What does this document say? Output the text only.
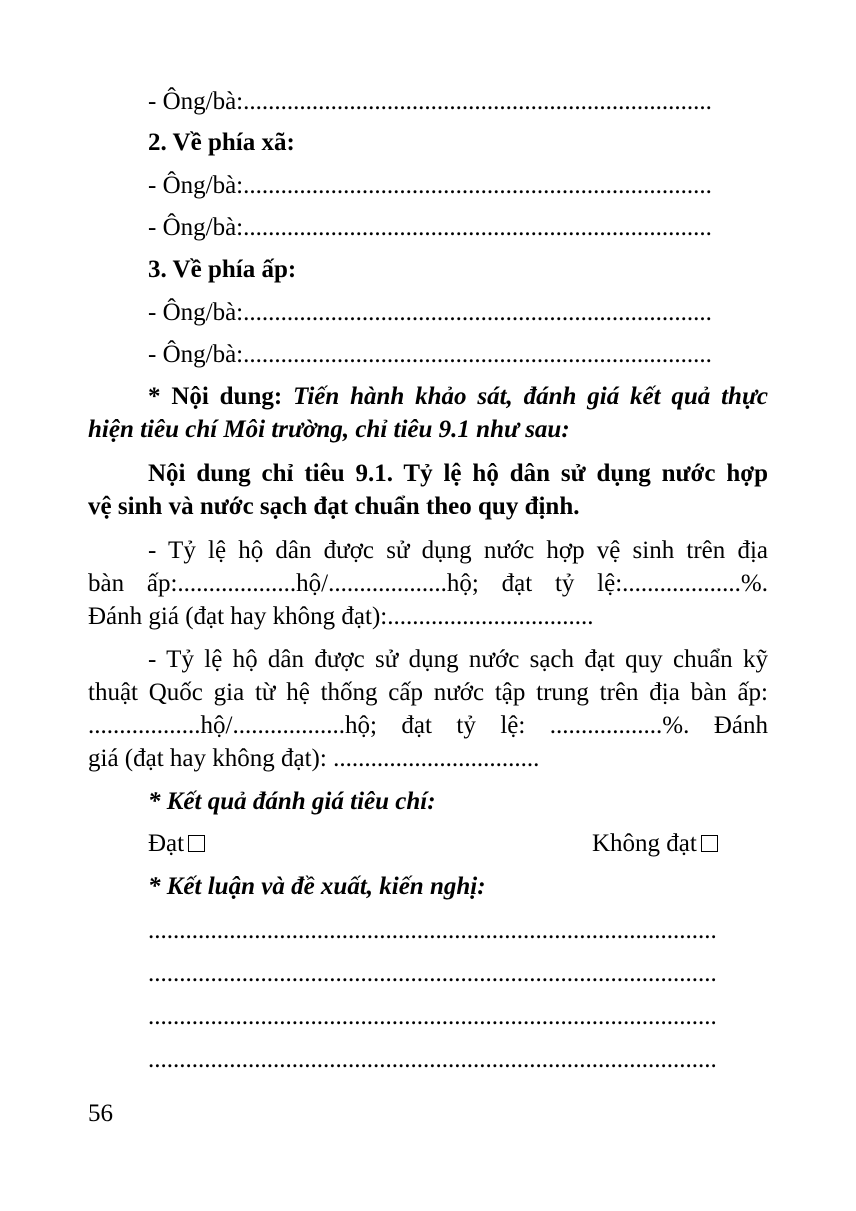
- Ông/bà:...........................................................................
2. Về phía xã:
- Ông/bà:...........................................................................
- Ông/bà:...........................................................................
3. Về phía ấp:
- Ông/bà:...........................................................................
- Ông/bà:...........................................................................
* Nội dung: Tiến hành khảo sát, đánh giá kết quả thực
hiện tiêu chí Môi trường, chỉ tiêu 9.1 như sau:
Nội dung chỉ tiêu 9.1. Tỷ lệ hộ dân sử dụng nước hợp
vệ sinh và nước sạch đạt chuẩn theo quy định.
- Tỷ lệ hộ dân được sử dụng nước hợp vệ sinh trên địa
bàn ấp:...................hộ/...................hộ; đạt tỷ lệ:...................%.
Đánh giá (đạt hay không đạt):.................................
- Tỷ lệ hộ dân được sử dụng nước sạch đạt quy chuẩn kỹ
thuật Quốc gia từ hệ thống cấp nước tập trung trên địa bàn ấp:
..................hộ/..................hộ; đạt tỷ lệ: ..................%. Đánh
giá (đạt hay không đạt): .................................
* Kết quả đánh giá tiêu chí:
Đạt	Không đạt
* Kết luận và đề xuất, kiến nghị:
...........................................................................................
...........................................................................................
...........................................................................................
...........................................................................................
56
